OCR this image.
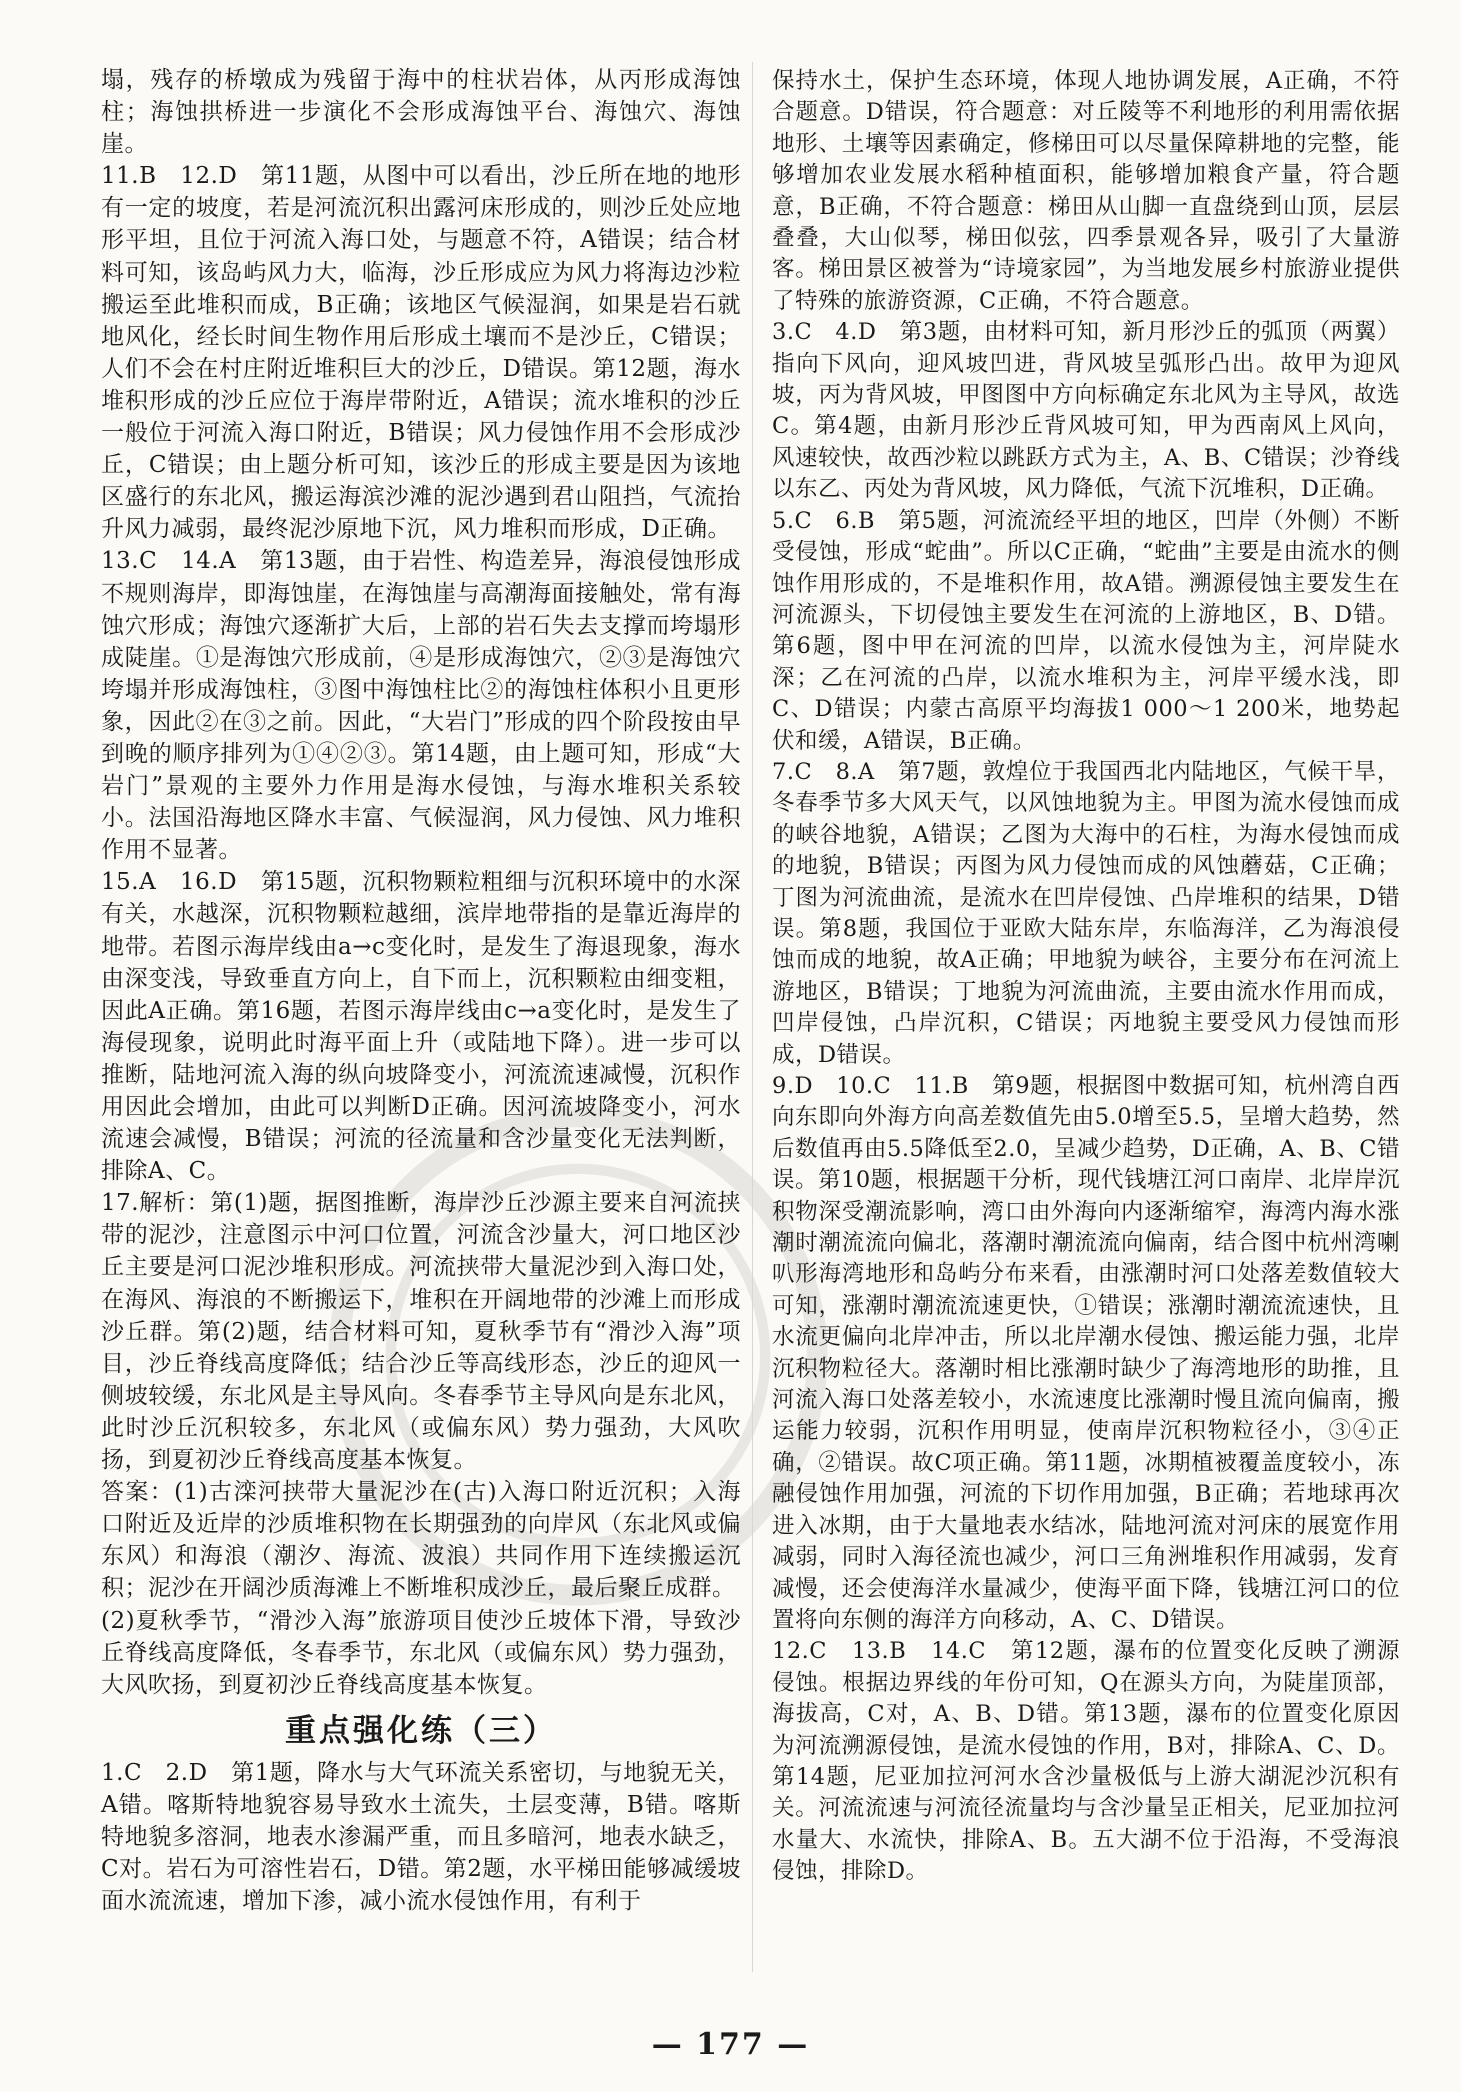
塌，残存的桥墩成为残留于海中的柱状岩体，从丙形成海蚀柱；海蚀拱桥进一步演化不会形成海蚀平台、海蚀穴、海蚀崖。

11.B　12.D　第11题，从图中可以看出，沙丘所在地的地形有一定的坡度，若是河流沉积出露河床形成的，则沙丘处应地形平坦，且位于河流入海口处，与题意不符，A错误；结合材料可知，该岛屿风力大，临海，沙丘形成应为风力将海边沙粒搬运至此堆积而成，B正确；该地区气候湿润，如果是岩石就地风化，经长时间生物作用后形成土壤而不是沙丘，C错误；人们不会在村庄附近堆积巨大的沙丘，D错误。第12题，海水堆积形成的沙丘应位于海岸带附近，A错误；流水堆积的沙丘一般位于河流入海口附近，B错误；风力侵蚀作用不会形成沙丘，C错误；由上题分析可知，该沙丘的形成主要是因为该地区盛行的东北风，搬运海滨沙滩的泥沙遇到君山阻挡，气流抬升风力减弱，最终泥沙原地下沉，风力堆积而形成，D正确。

13.C　14.A　第13题，由于岩性、构造差异，海浪侵蚀形成不规则海岸，即海蚀崖，在海蚀崖与高潮海面接触处，常有海蚀穴形成；海蚀穴逐渐扩大后，上部的岩石失去支撑而垮塌形成陡崖。①是海蚀穴形成前，④是形成海蚀穴，②③是海蚀穴垮塌并形成海蚀柱，③图中海蚀柱比②的海蚀柱体积小且更形象，因此②在③之前。因此，“大岩门”形成的四个阶段按由早到晚的顺序排列为①④②③。第14题，由上题可知，形成“大岩门”景观的主要外力作用是海水侵蚀，与海水堆积关系较小。法国沿海地区降水丰富、气候湿润，风力侵蚀、风力堆积作用不显著。

15.A　16.D　第15题，沉积物颗粒粗细与沉积环境中的水深有关，水越深，沉积物颗粒越细，滨岸地带指的是靠近海岸的地带。若图示海岸线由a→c变化时，是发生了海退现象，海水由深变浅，导致垂直方向上，自下而上，沉积颗粒由细变粗，因此A正确。第16题，若图示海岸线由c→a变化时，是发生了海侵现象，说明此时海平面上升（或陆地下降）。进一步可以推断，陆地河流入海的纵向坡降变小，河流流速减慢，沉积作用因此会增加，由此可以判断D正确。因河流坡降变小，河水流速会减慢，B错误；河流的径流量和含沙量变化无法判断，排除A、C。

17.解析：第(1)题，据图推断，海岸沙丘沙源主要来自河流挟带的泥沙，注意图示中河口位置，河流含沙量大，河口地区沙丘主要是河口泥沙堆积形成。河流挟带大量泥沙到入海口处，在海风、海浪的不断搬运下，堆积在开阔地带的沙滩上而形成沙丘群。第(2)题，结合材料可知，夏秋季节有“滑沙入海”项目，沙丘脊线高度降低；结合沙丘等高线形态，沙丘的迎风一侧坡较缓，东北风是主导风向。冬春季节主导风向是东北风，此时沙丘沉积较多，东北风（或偏东风）势力强劲，大风吹扬，到夏初沙丘脊线高度基本恢复。

答案：(1)古滦河挟带大量泥沙在(古)入海口附近沉积；入海口附近及近岸的沙质堆积物在长期强劲的向岸风（东北风或偏东风）和海浪（潮汐、海流、波浪）共同作用下连续搬运沉积；泥沙在开阔沙质海滩上不断堆积成沙丘，最后聚丘成群。

(2)夏秋季节，“滑沙入海”旅游项目使沙丘坡体下滑，导致沙丘脊线高度降低，冬春季节，东北风（或偏东风）势力强劲，大风吹扬，到夏初沙丘脊线高度基本恢复。

重点强化练（三）

1.C　2.D　第1题，降水与大气环流关系密切，与地貌无关，A错。喀斯特地貌容易导致水土流失，土层变薄，B错。喀斯特地貌多溶洞，地表水渗漏严重，而且多暗河，地表水缺乏，C对。岩石为可溶性岩石，D错。第2题，水平梯田能够减缓坡面水流流速，增加下渗，减小流水侵蚀作用，有利于

保持水土，保护生态环境，体现人地协调发展，A正确，不符合题意。D错误，符合题意：对丘陵等不利地形的利用需依据地形、土壤等因素确定，修梯田可以尽量保障耕地的完整，能够增加农业发展水稻种植面积，能够增加粮食产量，符合题意，B正确，不符合题意：梯田从山脚一直盘绕到山顶，层层叠叠，大山似琴，梯田似弦，四季景观各异，吸引了大量游客。梯田景区被誉为“诗境家园”，为当地发展乡村旅游业提供了特殊的旅游资源，C正确，不符合题意。

3.C　4.D　第3题，由材料可知，新月形沙丘的弧顶（两翼）指向下风向，迎风坡凹进，背风坡呈弧形凸出。故甲为迎风坡，丙为背风坡，甲图图中方向标确定东北风为主导风，故选C。第4题，由新月形沙丘背风坡可知，甲为西南风上风向，风速较快，故西沙粒以跳跃方式为主，A、B、C错误；沙脊线以东乙、丙处为背风坡，风力降低，气流下沉堆积，D正确。

5.C　6.B　第5题，河流流经平坦的地区，凹岸（外侧）不断受侵蚀，形成“蛇曲”。所以C正确，“蛇曲”主要是由流水的侧蚀作用形成的，不是堆积作用，故A错。溯源侵蚀主要发生在河流源头，下切侵蚀主要发生在河流的上游地区，B、D错。第6题，图中甲在河流的凹岸，以流水侵蚀为主，河岸陡水深；乙在河流的凸岸，以流水堆积为主，河岸平缓水浅，即C、D错误；内蒙古高原平均海拔1 000～1 200米，地势起伏和缓，A错误，B正确。

7.C　8.A　第7题，敦煌位于我国西北内陆地区，气候干旱，冬春季节多大风天气，以风蚀地貌为主。甲图为流水侵蚀而成的峡谷地貌，A错误；乙图为大海中的石柱，为海水侵蚀而成的地貌，B错误；丙图为风力侵蚀而成的风蚀蘑菇，C正确；丁图为河流曲流，是流水在凹岸侵蚀、凸岸堆积的结果，D错误。第8题，我国位于亚欧大陆东岸，东临海洋，乙为海浪侵蚀而成的地貌，故A正确；甲地貌为峡谷，主要分布在河流上游地区，B错误；丁地貌为河流曲流，主要由流水作用而成，凹岸侵蚀，凸岸沉积，C错误；丙地貌主要受风力侵蚀而形成，D错误。

9.D　10.C　11.B　第9题，根据图中数据可知，杭州湾自西向东即向外海方向高差数值先由5.0增至5.5，呈增大趋势，然后数值再由5.5降低至2.0，呈减少趋势，D正确，A、B、C错误。第10题，根据题干分析，现代钱塘江河口南岸、北岸岸沉积物深受潮流影响，湾口由外海向内逐渐缩窄，海湾内海水涨潮时潮流流向偏北，落潮时潮流流向偏南，结合图中杭州湾喇叭形海湾地形和岛屿分布来看，由涨潮时河口处落差数值较大可知，涨潮时潮流流速更快，①错误；涨潮时潮流流速快，且水流更偏向北岸冲击，所以北岸潮水侵蚀、搬运能力强，北岸沉积物粒径大。落潮时相比涨潮时缺少了海湾地形的助推，且河流入海口处落差较小，水流速度比涨潮时慢且流向偏南，搬运能力较弱，沉积作用明显，使南岸沉积物粒径小，③④正确，②错误。故C项正确。第11题，冰期植被覆盖度较小，冻融侵蚀作用加强，河流的下切作用加强，B正确；若地球再次进入冰期，由于大量地表水结冰，陆地河流对河床的展宽作用减弱，同时入海径流也减少，河口三角洲堆积作用减弱，发育减慢，还会使海洋水量减少，使海平面下降，钱塘江河口的位置将向东侧的海洋方向移动，A、C、D错误。

12.C　13.B　14.C　第12题，瀑布的位置变化反映了溯源侵蚀。根据边界线的年份可知，Q在源头方向，为陡崖顶部，海拔高，C对，A、B、D错。第13题，瀑布的位置变化原因为河流溯源侵蚀，是流水侵蚀的作用，B对，排除A、C、D。第14题，尼亚加拉河河水含沙量极低与上游大湖泥沙沉积有关。河流流速与河流径流量均与含沙量呈正相关，尼亚加拉河水量大、水流快，排除A、B。五大湖不位于沿海，不受海浪侵蚀，排除D。

— 177 —
